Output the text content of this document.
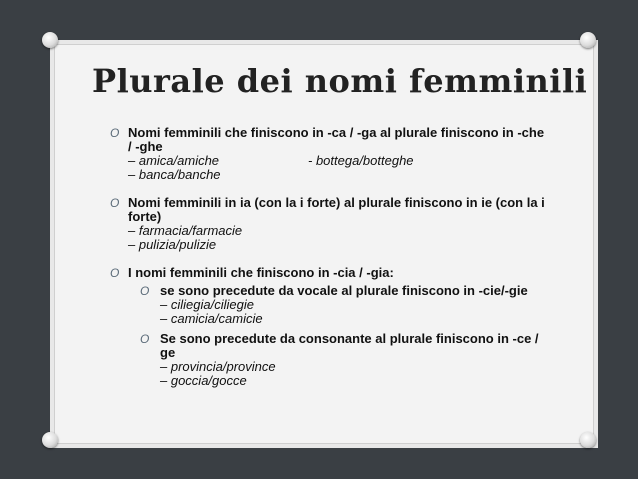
Plurale dei nomi femminili
O Nomi femminili che finiscono in -ca / -ga al plurale finiscono in -che / -ghe
– amica/amiche	- bottega/botteghe
– banca/banche
O Nomi femminili in ia (con la i forte) al plurale finiscono in ie (con la i forte)
– farmacia/farmacie
– pulizia/pulizie
O I nomi femminili che finiscono in -cia / -gia:
O se sono precedute da vocale al plurale finiscono in -cie/-gie
– ciliegia/ciliegie
– camicia/camicie
O Se sono precedute da consonante al plurale finiscono in -ce / ge
– provincia/province
– goccia/gocce
